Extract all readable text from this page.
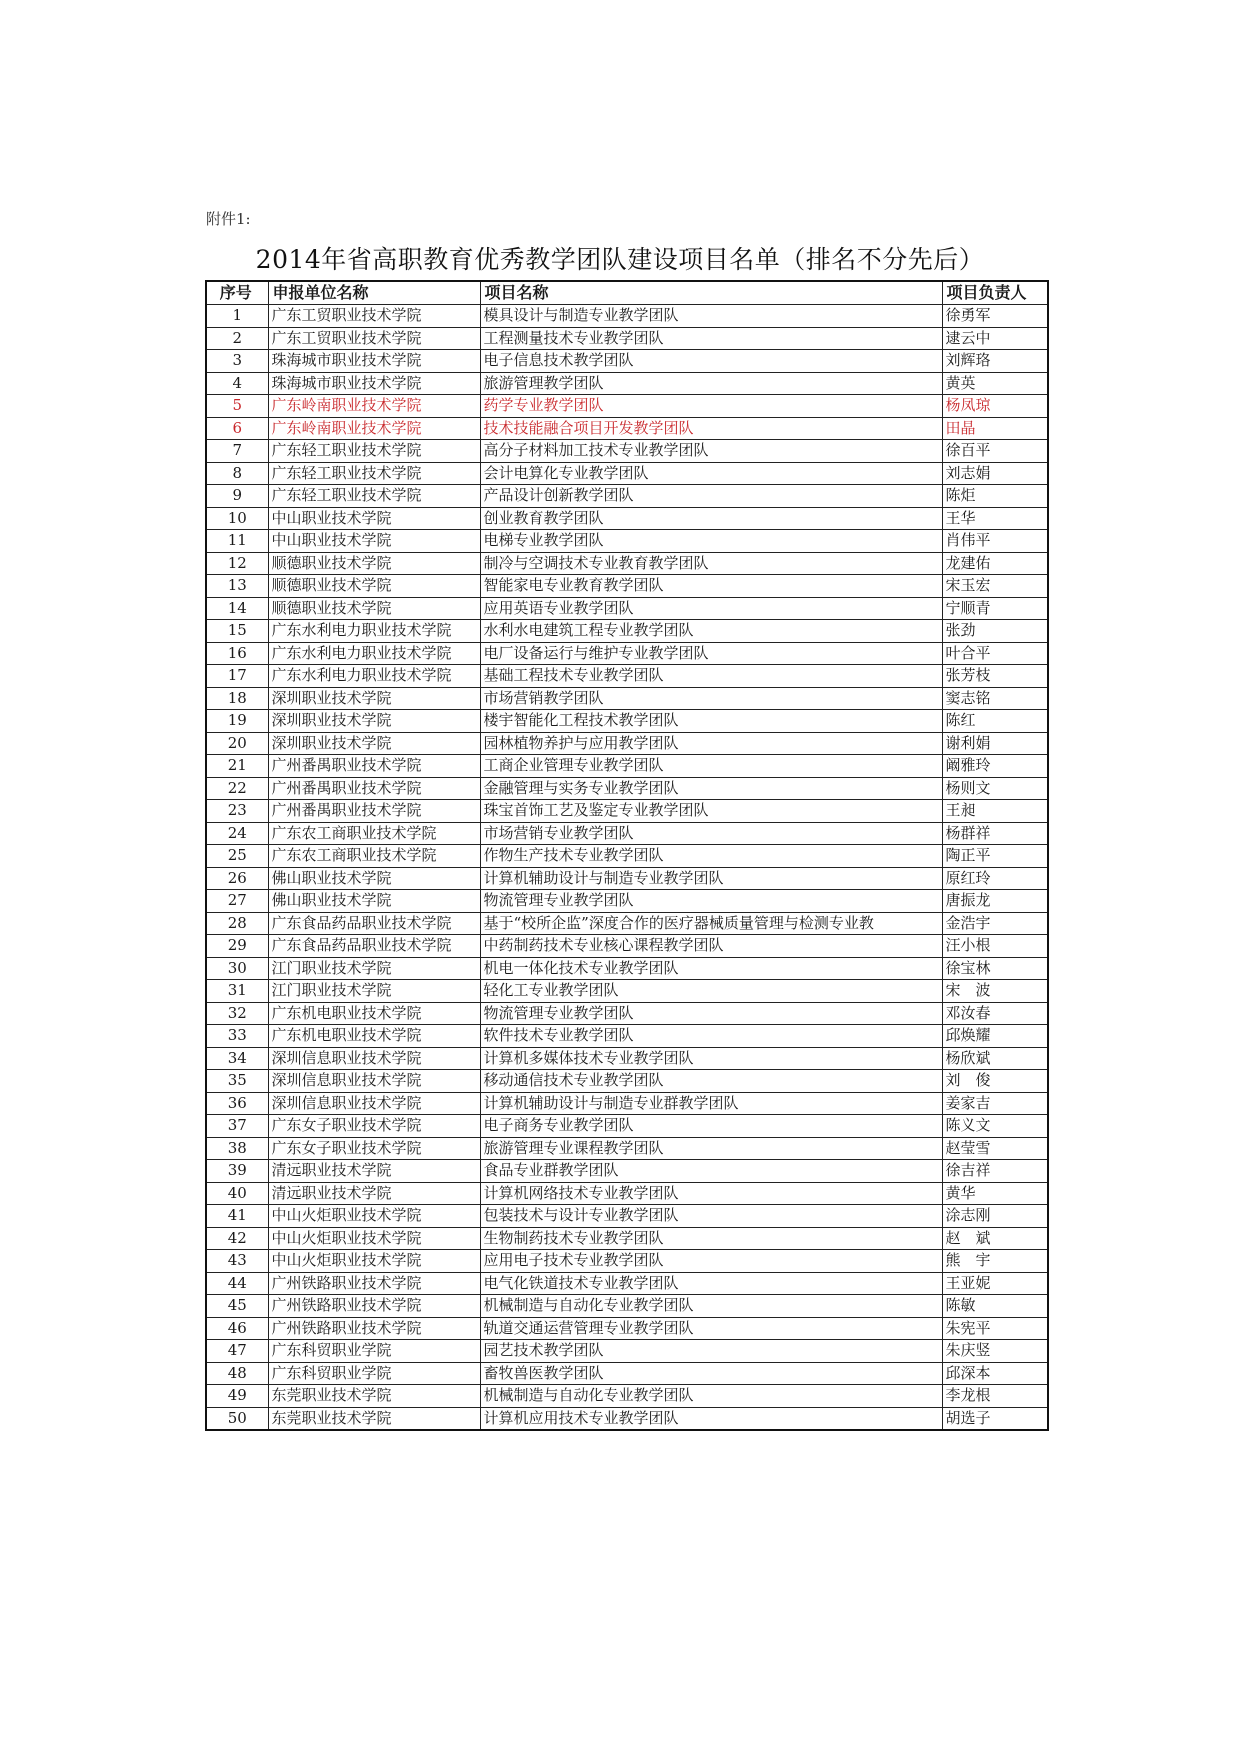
附件1:
2014年省高职教育优秀教学团队建设项目名单（排名不分先后）
序号	申报单位名称	项目名称	项目负责人
1	广东工贸职业技术学院	模具设计与制造专业教学团队	徐勇军
2	广东工贸职业技术学院	工程测量技术专业教学团队	逮云中
3	珠海城市职业技术学院	电子信息技术教学团队	刘辉珞
4	珠海城市职业技术学院	旅游管理教学团队	黄英
5	广东岭南职业技术学院	药学专业教学团队	杨凤琼
6	广东岭南职业技术学院	技术技能融合项目开发教学团队	田晶
7	广东轻工职业技术学院	高分子材料加工技术专业教学团队	徐百平
8	广东轻工职业技术学院	会计电算化专业教学团队	刘志娟
9	广东轻工职业技术学院	产品设计创新教学团队	陈炬
10	中山职业技术学院	创业教育教学团队	王华
11	中山职业技术学院	电梯专业教学团队	肖伟平
12	顺德职业技术学院	制冷与空调技术专业教育教学团队	龙建佑
13	顺德职业技术学院	智能家电专业教育教学团队	宋玉宏
14	顺德职业技术学院	应用英语专业教学团队	宁顺青
15	广东水利电力职业技术学院	水利水电建筑工程专业教学团队	张劲
16	广东水利电力职业技术学院	电厂设备运行与维护专业教学团队	叶合平
17	广东水利电力职业技术学院	基础工程技术专业教学团队	张芳枝
18	深圳职业技术学院	市场营销教学团队	窦志铭
19	深圳职业技术学院	楼宇智能化工程技术教学团队	陈红
20	深圳职业技术学院	园林植物养护与应用教学团队	谢利娟
21	广州番禺职业技术学院	工商企业管理专业教学团队	阚雅玲
22	广州番禺职业技术学院	金融管理与实务专业教学团队	杨则文
23	广州番禺职业技术学院	珠宝首饰工艺及鉴定专业教学团队	王昶
24	广东农工商职业技术学院	市场营销专业教学团队	杨群祥
25	广东农工商职业技术学院	作物生产技术专业教学团队	陶正平
26	佛山职业技术学院	计算机辅助设计与制造专业教学团队	原红玲
27	佛山职业技术学院	物流管理专业教学团队	唐振龙
28	广东食品药品职业技术学院	基于“校所企监”深度合作的医疗器械质量管理与检测专业教	金浩宇
29	广东食品药品职业技术学院	中药制药技术专业核心课程教学团队	汪小根
30	江门职业技术学院	机电一体化技术专业教学团队	徐宝林
31	江门职业技术学院	轻化工专业教学团队	宋　波
32	广东机电职业技术学院	物流管理专业教学团队	邓汝春
33	广东机电职业技术学院	软件技术专业教学团队	邱焕耀
34	深圳信息职业技术学院	计算机多媒体技术专业教学团队	杨欣斌
35	深圳信息职业技术学院	移动通信技术专业教学团队	刘　俊
36	深圳信息职业技术学院	计算机辅助设计与制造专业群教学团队	姜家吉
37	广东女子职业技术学院	电子商务专业教学团队	陈义文
38	广东女子职业技术学院	旅游管理专业课程教学团队	赵莹雪
39	清远职业技术学院	食品专业群教学团队	徐吉祥
40	清远职业技术学院	计算机网络技术专业教学团队	黄华
41	中山火炬职业技术学院	包装技术与设计专业教学团队	涂志刚
42	中山火炬职业技术学院	生物制药技术专业教学团队	赵　斌
43	中山火炬职业技术学院	应用电子技术专业教学团队	熊　宇
44	广州铁路职业技术学院	电气化铁道技术专业教学团队	王亚妮
45	广州铁路职业技术学院	机械制造与自动化专业教学团队	陈敏
46	广州铁路职业技术学院	轨道交通运营管理专业教学团队	朱宪平
47	广东科贸职业学院	园艺技术教学团队	朱庆竖
48	广东科贸职业学院	畜牧兽医教学团队	邱深本
49	东莞职业技术学院	机械制造与自动化专业教学团队	李龙根
50	东莞职业技术学院	计算机应用技术专业教学团队	胡选子
